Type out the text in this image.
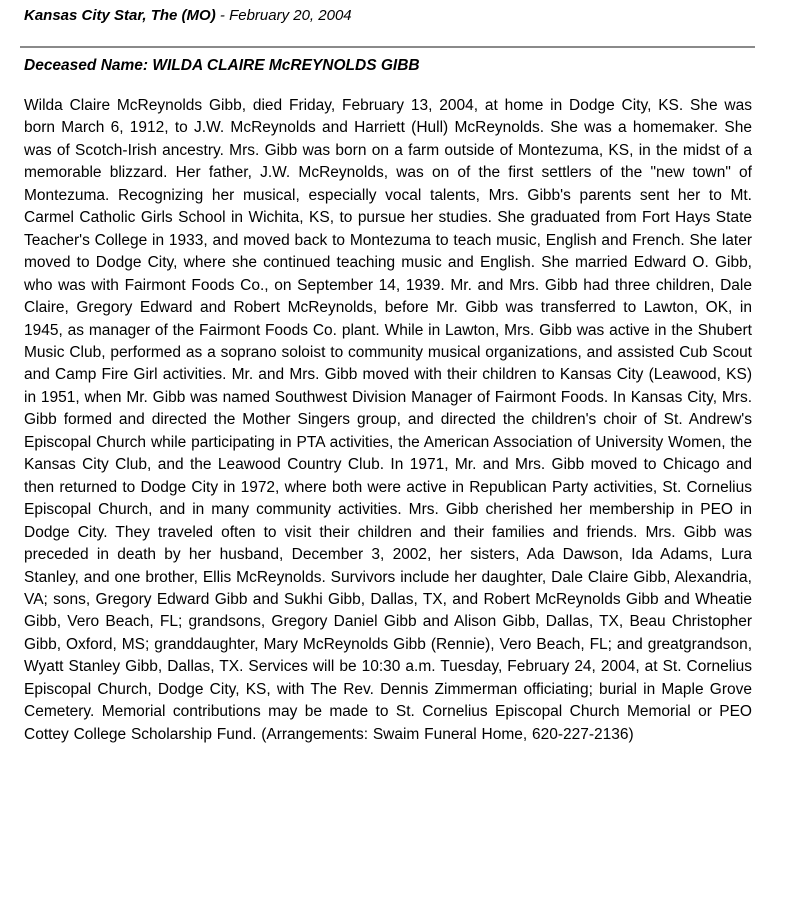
Kansas City Star, The (MO) - February 20, 2004
Deceased Name: WILDA CLAIRE McREYNOLDS GIBB

Wilda Claire McReynolds Gibb, died Friday, February 13, 2004, at home in Dodge City, KS. She was born March 6, 1912, to J.W. McReynolds and Harriett (Hull) McReynolds. She was a homemaker. She was of Scotch-Irish ancestry. Mrs. Gibb was born on a farm outside of Montezuma, KS, in the midst of a memorable blizzard. Her father, J.W. McReynolds, was on of the first settlers of the "new town" of Montezuma. Recognizing her musical, especially vocal talents, Mrs. Gibb's parents sent her to Mt. Carmel Catholic Girls School in Wichita, KS, to pursue her studies. She graduated from Fort Hays State Teacher's College in 1933, and moved back to Montezuma to teach music, English and French. She later moved to Dodge City, where she continued teaching music and English. She married Edward O. Gibb, who was with Fairmont Foods Co., on September 14, 1939. Mr. and Mrs. Gibb had three children, Dale Claire, Gregory Edward and Robert McReynolds, before Mr. Gibb was transferred to Lawton, OK, in 1945, as manager of the Fairmont Foods Co. plant. While in Lawton, Mrs. Gibb was active in the Shubert Music Club, performed as a soprano soloist to community musical organizations, and assisted Cub Scout and Camp Fire Girl activities. Mr. and Mrs. Gibb moved with their children to Kansas City (Leawood, KS) in 1951, when Mr. Gibb was named Southwest Division Manager of Fairmont Foods. In Kansas City, Mrs. Gibb formed and directed the Mother Singers group, and directed the children's choir of St. Andrew's Episcopal Church while participating in PTA activities, the American Association of University Women, the Kansas City Club, and the Leawood Country Club. In 1971, Mr. and Mrs. Gibb moved to Chicago and then returned to Dodge City in 1972, where both were active in Republican Party activities, St. Cornelius Episcopal Church, and in many community activities. Mrs. Gibb cherished her membership in PEO in Dodge City. They traveled often to visit their children and their families and friends. Mrs. Gibb was preceded in death by her husband, December 3, 2002, her sisters, Ada Dawson, Ida Adams, Lura Stanley, and one brother, Ellis McReynolds. Survivors include her daughter, Dale Claire Gibb, Alexandria, VA; sons, Gregory Edward Gibb and Sukhi Gibb, Dallas, TX, and Robert McReynolds Gibb and Wheatie Gibb, Vero Beach, FL; grandsons, Gregory Daniel Gibb and Alison Gibb, Dallas, TX, Beau Christopher Gibb, Oxford, MS; granddaughter, Mary McReynolds Gibb (Rennie), Vero Beach, FL; and greatgrandson, Wyatt Stanley Gibb, Dallas, TX. Services will be 10:30 a.m. Tuesday, February 24, 2004, at St. Cornelius Episcopal Church, Dodge City, KS, with The Rev. Dennis Zimmerman officiating; burial in Maple Grove Cemetery. Memorial contributions may be made to St. Cornelius Episcopal Church Memorial or PEO Cottey College Scholarship Fund. (Arrangements: Swaim Funeral Home, 620-227-2136)
